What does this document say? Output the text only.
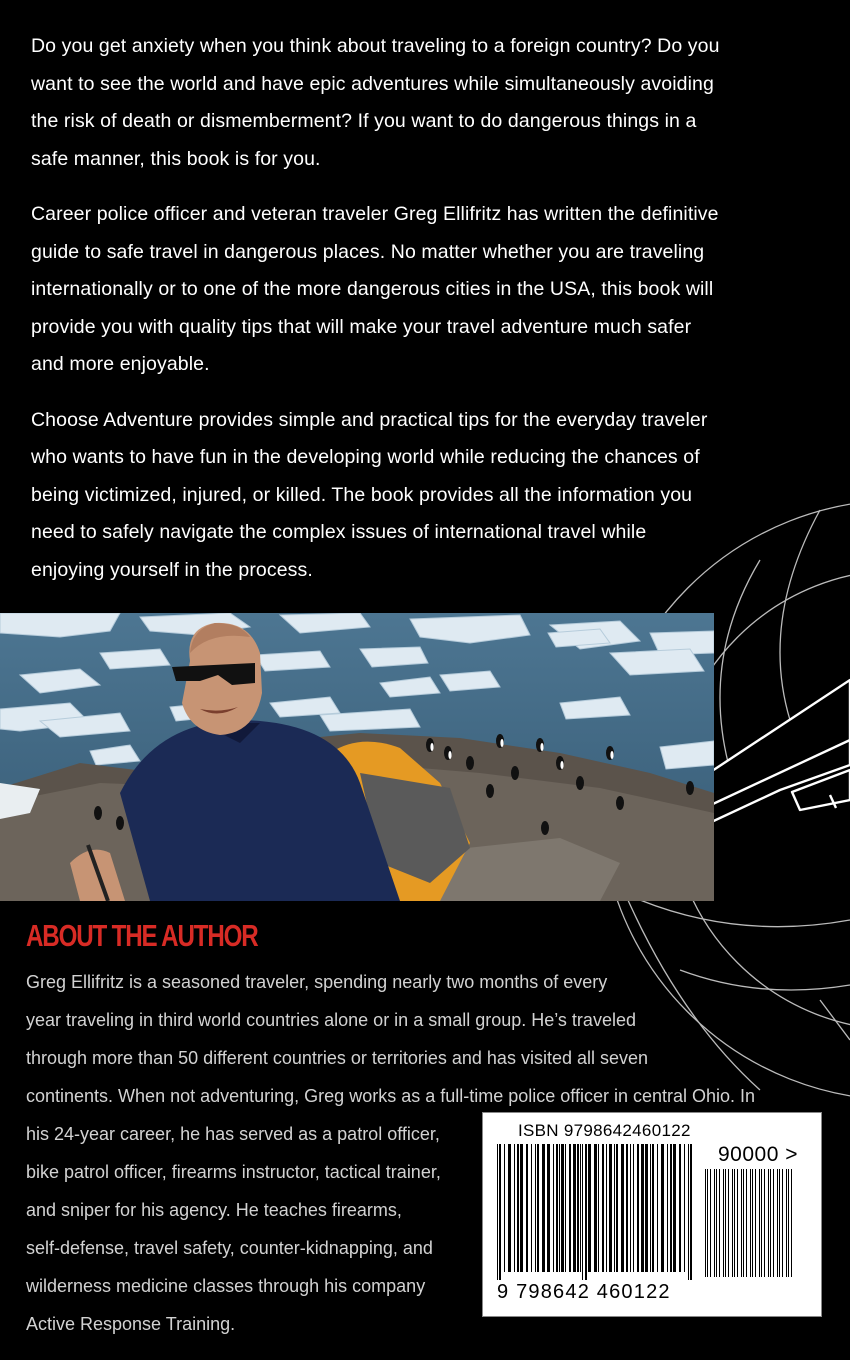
Do you get anxiety when you think about traveling to a foreign country? Do you
want to see the world and have epic adventures while simultaneously avoiding
the risk of death or dismemberment? If you want to do dangerous things in a
safe manner, this book is for you.

Career police officer and veteran traveler Greg Ellifritz has written the definitive
guide to safe travel in dangerous places. No matter whether you are traveling
internationally or to one of the more dangerous cities in the USA, this book will
provide you with quality tips that will make your travel adventure much safer
and more enjoyable.

Choose Adventure provides simple and practical tips for the everyday traveler
who wants to have fun in the developing world while reducing the chances of
being victimized, injured, or killed. The book provides all the information you
need to safely navigate the complex issues of international travel while
enjoying yourself in the process.

ABOUT THE AUTHOR

Greg Ellifritz is a seasoned traveler, spending nearly two months of every

year traveling in third world countries alone or in a small group. He’s traveled

through more than 50 different countries or territories and has visited all seven

continents. When not adventuring, Greg works as a full-time police officer in central Ohio. In

his 24-year career, he has served as a patrol officer,

bike patrol officer, firearms instructor, tactical trainer,

and sniper for his agency. He teaches firearms,

self-defense, travel safety, counter-kidnapping, and

wilderness medicine classes through his company

Active Response Training.

ISBN 9798642460122

90000 >

9 798642 460122
